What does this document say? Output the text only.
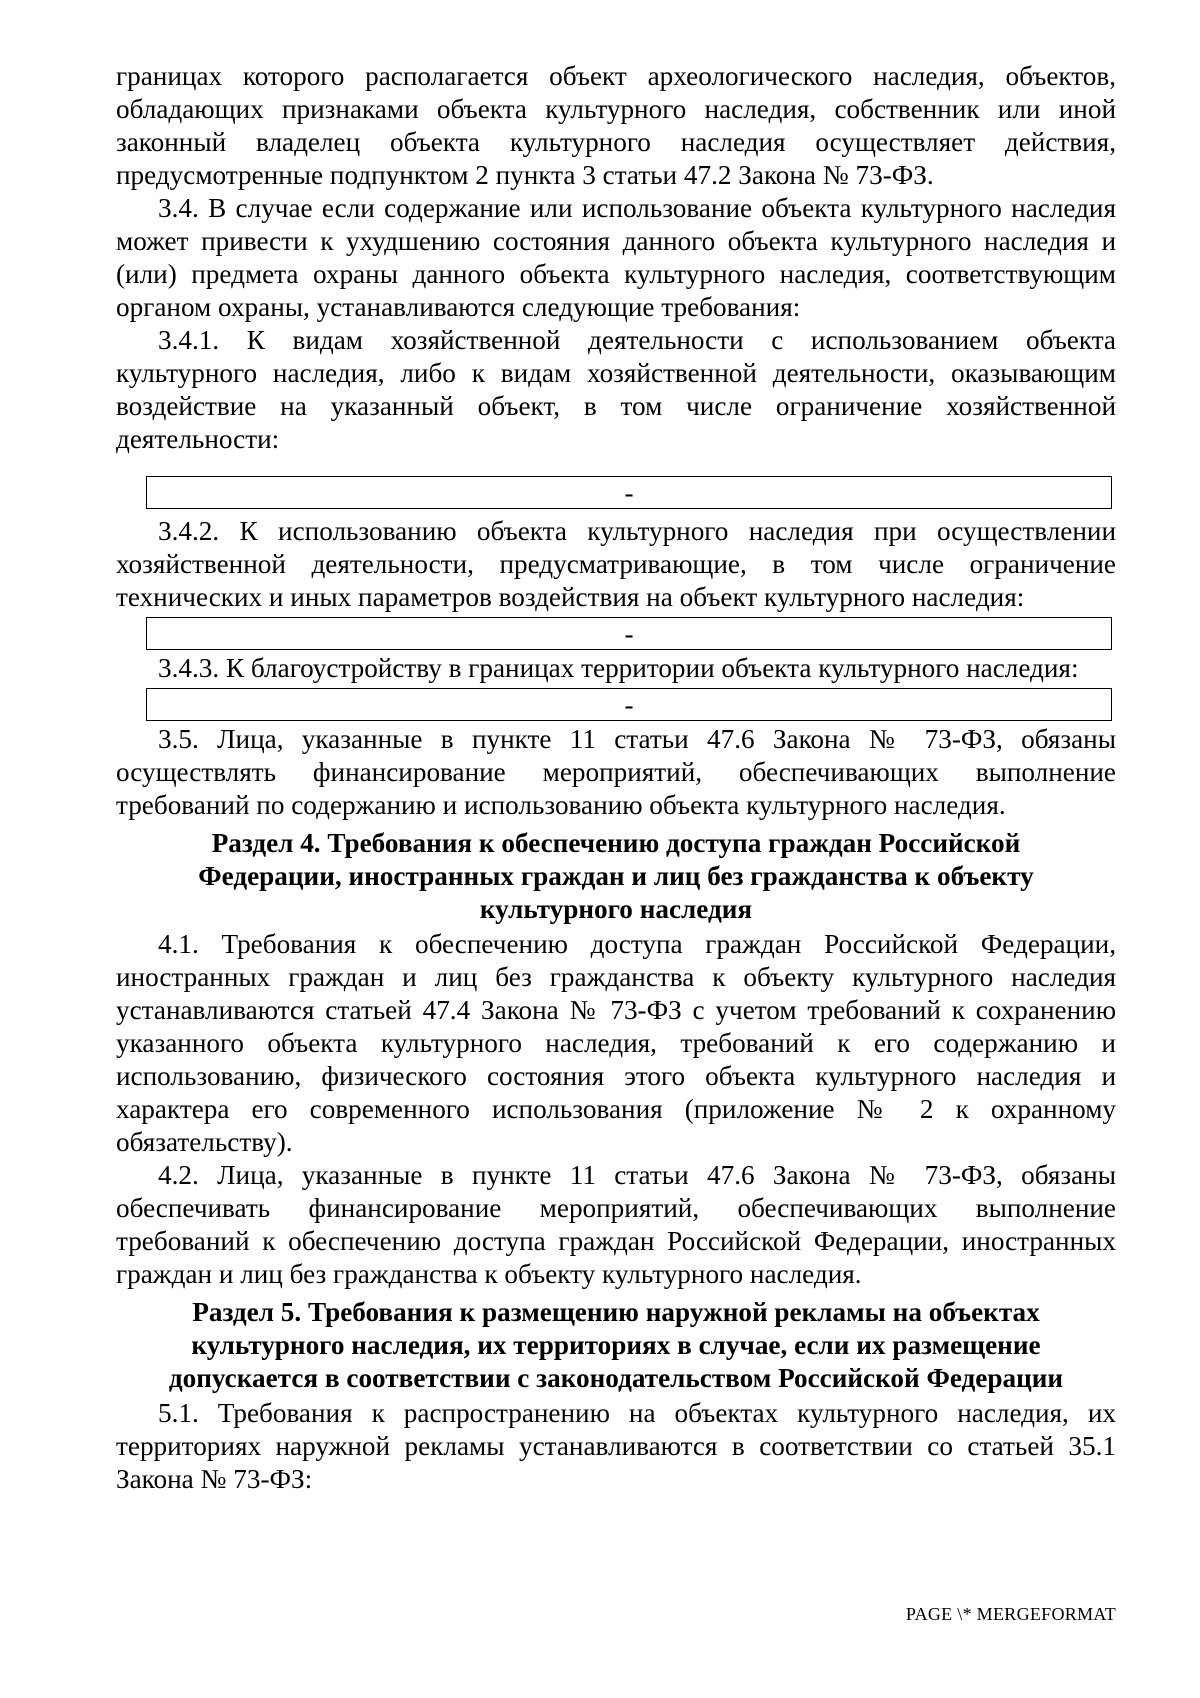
границах которого располагается объект археологического наследия, объектов, обладающих признаками объекта культурного наследия, собственник или иной законный владелец объекта культурного наследия осуществляет действия, предусмотренные подпунктом 2 пункта 3 статьи 47.2 Закона № 73-ФЗ.

3.4. В случае если содержание или использование объекта культурного наследия может привести к ухудшению состояния данного объекта культурного наследия и (или) предмета охраны данного объекта культурного наследия, соответствующим органом охраны, устанавливаются следующие требования:

3.4.1. К видам хозяйственной деятельности с использованием объекта культурного наследия, либо к видам хозяйственной деятельности, оказывающим воздействие на указанный объект, в том числе ограничение хозяйственной деятельности:

-

3.4.2. К использованию объекта культурного наследия при осуществлении хозяйственной деятельности, предусматривающие, в том числе ограничение технических и иных параметров воздействия на объект культурного наследия:

-

3.4.3. К благоустройству в границах территории объекта культурного наследия:

-

3.5. Лица, указанные в пункте 11 статьи 47.6 Закона № 73-ФЗ, обязаны осуществлять финансирование мероприятий, обеспечивающих выполнение требований по содержанию и использованию объекта культурного наследия.

Раздел 4. Требования к обеспечению доступа граждан Российской
Федерации, иностранных граждан и лиц без гражданства к объекту
культурного наследия

4.1. Требования к обеспечению доступа граждан Российской Федерации, иностранных граждан и лиц без гражданства к объекту культурного наследия устанавливаются статьей 47.4 Закона № 73-ФЗ с учетом требований к сохранению указанного объекта культурного наследия, требований к его содержанию и использованию, физического состояния этого объекта культурного наследия и характера его современного использования (приложение № 2 к охранному обязательству).

4.2. Лица, указанные в пункте 11 статьи 47.6 Закона № 73-ФЗ, обязаны обеспечивать финансирование мероприятий, обеспечивающих выполнение требований к обеспечению доступа граждан Российской Федерации, иностранных граждан и лиц без гражданства к объекту культурного наследия.

Раздел 5. Требования к размещению наружной рекламы на объектах
культурного наследия, их территориях в случае, если их размещение
допускается в соответствии с законодательством Российской Федерации

5.1. Требования к распространению на объектах культурного наследия, их территориях наружной рекламы устанавливаются в соответствии со статьей 35.1 Закона № 73-ФЗ:

PAGE \* MERGEFORMAT
